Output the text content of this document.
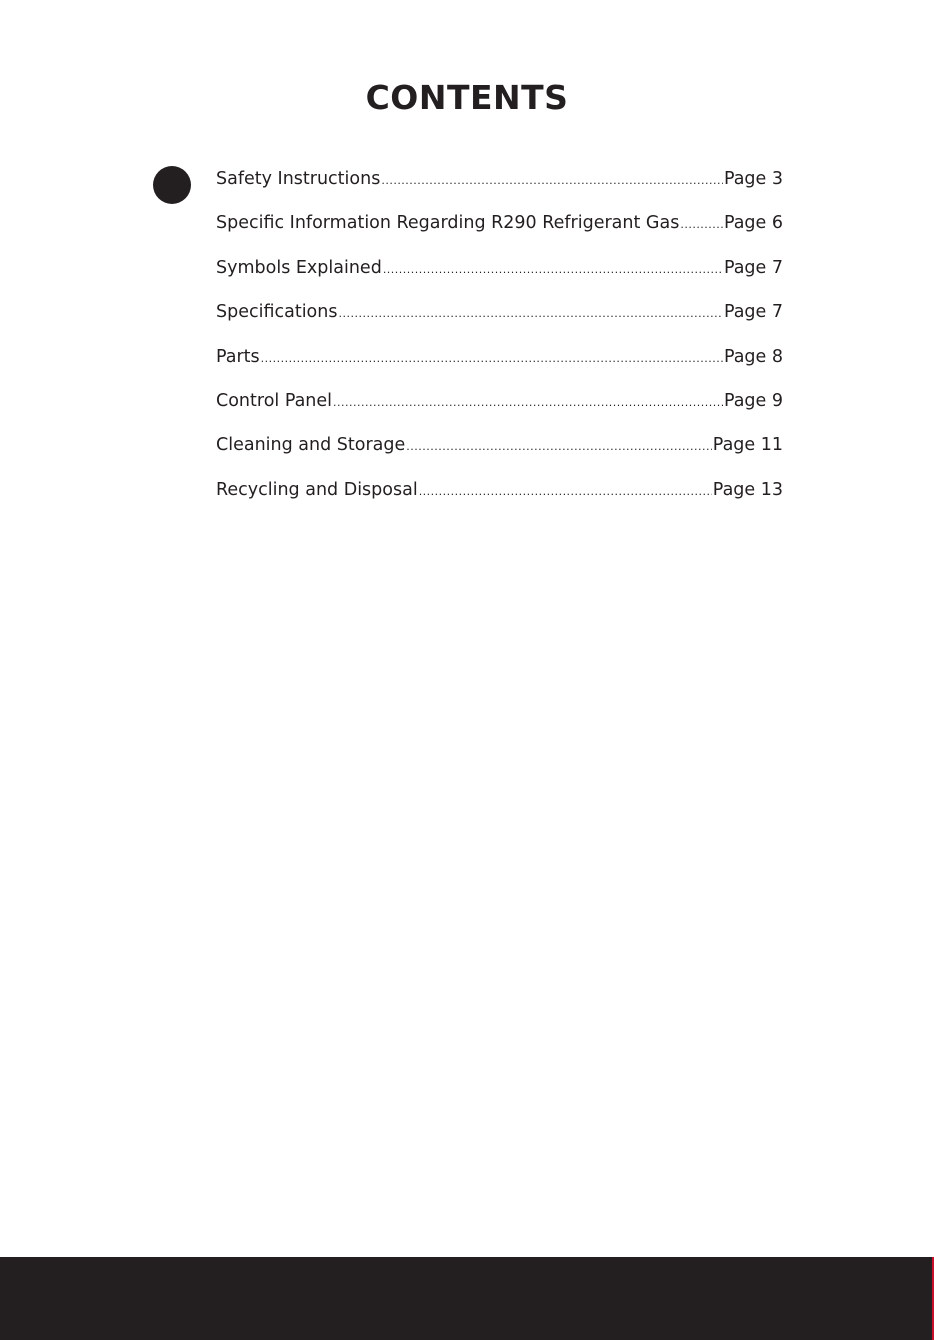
CONTENTS
Safety Instructions .....	Page 3
Specific Information Regarding R290 Refrigerant Gas .....	Page 6
Symbols Explained .....	Page 7
Specifications .....	Page 7
Parts .....	Page 8
Control Panel .....	Page 9
Cleaning and Storage .....	Page 11
Recycling and Disposal .....	Page 13
